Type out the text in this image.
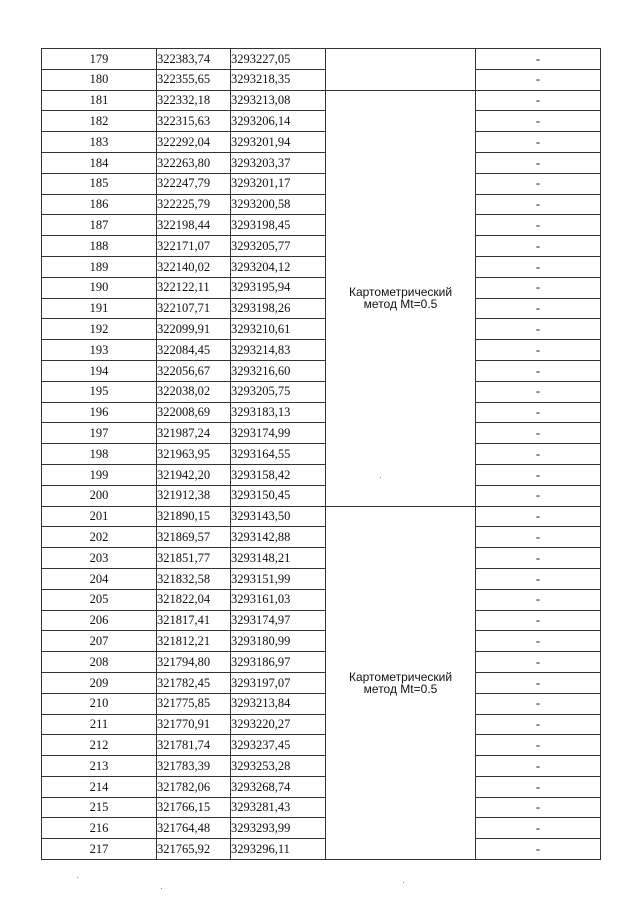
179	322383,74	3293227,05		-
180	322355,65	3293218,35		-
181	322332,18	3293213,08	Картометрический
метод Mt=0.5	-
182	322315,63	3293206,14		-
183	322292,04	3293201,94		-
184	322263,80	3293203,37		-
185	322247,79	3293201,17		-
186	322225,79	3293200,58		-
187	322198,44	3293198,45		-
188	322171,07	3293205,77		-
189	322140,02	3293204,12		-
190	322122,11	3293195,94		-
191	322107,71	3293198,26		-
192	322099,91	3293210,61		-
193	322084,45	3293214,83		-
194	322056,67	3293216,60		-
195	322038,02	3293205,75		-
196	322008,69	3293183,13		-
197	321987,24	3293174,99		-
198	321963,95	3293164,55		-
199	321942,20	3293158,42		-
200	321912,38	3293150,45		-
201	321890,15	3293143,50	Картометрический
метод Mt=0.5	-
202	321869,57	3293142,88		-
203	321851,77	3293148,21		-
204	321832,58	3293151,99		-
205	321822,04	3293161,03		-
206	321817,41	3293174,97		-
207	321812,21	3293180,99		-
208	321794,80	3293186,97		-
209	321782,45	3293197,07		-
210	321775,85	3293213,84		-
211	321770,91	3293220,27		-
212	321781,74	3293237,45		-
213	321783,39	3293253,28		-
214	321782,06	3293268,74		-
215	321766,15	3293281,43		-
216	321764,48	3293293,99		-
217	321765,92	3293296,11		-
